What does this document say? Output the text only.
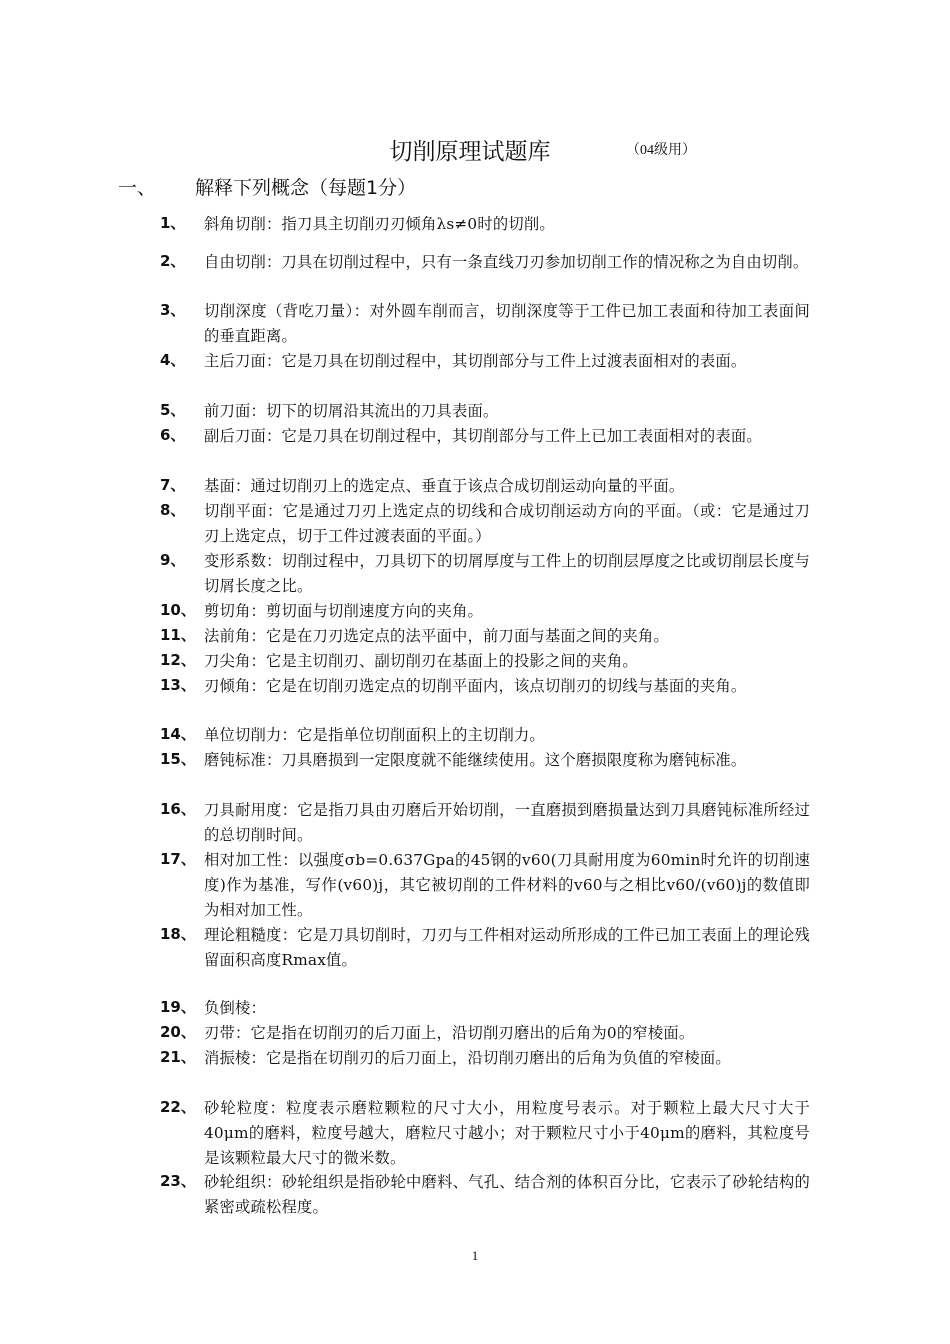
切削原理试题库	（04级用）
一、 解释下列概念（每题1分）
1、 斜角切削：指刀具主切削刃刃倾角λs≠0时的切削。
2、 自由切削：刀具在切削过程中，只有一条直线刀刃参加切削工作的情况称之为自由切削。
3、 切削深度（背吃刀量）：对外圆车削而言，切削深度等于工件已加工表面和待加工表面间的垂直距离。
4、 主后刀面：它是刀具在切削过程中，其切削部分与工件上过渡表面相对的表面。
5、 前刀面：切下的切屑沿其流出的刀具表面。
6、 副后刀面：它是刀具在切削过程中，其切削部分与工件上已加工表面相对的表面。
7、 基面：通过切削刃上的选定点、垂直于该点合成切削运动向量的平面。
8、 切削平面：它是通过刀刃上选定点的切线和合成切削运动方向的平面。（或：它是通过刀刃上选定点，切于工件过渡表面的平面。）
9、 变形系数：切削过程中，刀具切下的切屑厚度与工件上的切削层厚度之比或切削层长度与切屑长度之比。
10、 剪切角：剪切面与切削速度方向的夹角。
11、 法前角：它是在刀刃选定点的法平面中，前刀面与基面之间的夹角。
12、 刀尖角：它是主切削刃、副切削刃在基面上的投影之间的夹角。
13、 刃倾角：它是在切削刃选定点的切削平面内，该点切削刃的切线与基面的夹角。
14、 单位切削力：它是指单位切削面积上的主切削力。
15、 磨钝标准：刀具磨损到一定限度就不能继续使用。这个磨损限度称为磨钝标准。
16、 刀具耐用度：它是指刀具由刃磨后开始切削，一直磨损到磨损量达到刀具磨钝标准所经过的总切削时间。
17、 相对加工性：以强度σb=0.637Gpa的45钢的v60(刀具耐用度为60min时允许的切削速度)作为基准，写作(v60)j，其它被切削的工件材料的v60与之相比v60/(v60)j的数值即为相对加工性。
18、 理论粗糙度：它是刀具切削时，刀刃与工件相对运动所形成的工件已加工表面上的理论残留面积高度Rmax值。
19、 负倒棱：
20、 刃带：它是指在切削刃的后刀面上，沿切削刃磨出的后角为0的窄棱面。
21、 消振棱：它是指在切削刃的后刀面上，沿切削刃磨出的后角为负值的窄棱面。
22、 砂轮粒度：粒度表示磨粒颗粒的尺寸大小，用粒度号表示。对于颗粒上最大尺寸大于40μm的磨料，粒度号越大，磨粒尺寸越小；对于颗粒尺寸小于40μm的磨料，其粒度号是该颗粒最大尺寸的微米数。
23、 砂轮组织：砂轮组织是指砂轮中磨料、气孔、结合剂的体积百分比，它表示了砂轮结构的紧密或疏松程度。
1
